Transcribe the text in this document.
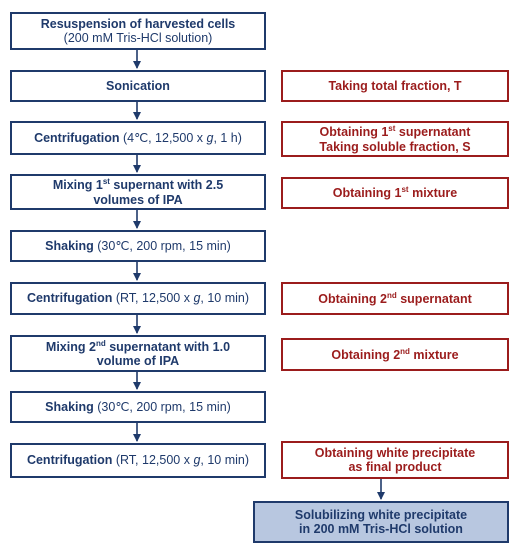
Resuspension of harvested cells
(200 mM Tris-HCl solution)
Sonication
Centrifugation (4℃, 12,500 x g, 1 h)
Mixing 1st supernant with 2.5
volumes of IPA
Shaking (30℃, 200 rpm, 15 min)
Centrifugation (RT, 12,500 x g, 10 min)
Mixing 2nd supernatant with 1.0
volume of IPA
Shaking (30℃, 200 rpm, 15 min)
Centrifugation (RT, 12,500 x g, 10 min)
Taking total fraction, T
Obtaining 1st supernatant
Taking soluble fraction, S
Obtaining 1st mixture
Obtaining 2nd supernatant
Obtaining 2nd mixture
Obtaining white precipitate
as final product
Solubilizing white precipitate
in 200 mM Tris-HCl solution
